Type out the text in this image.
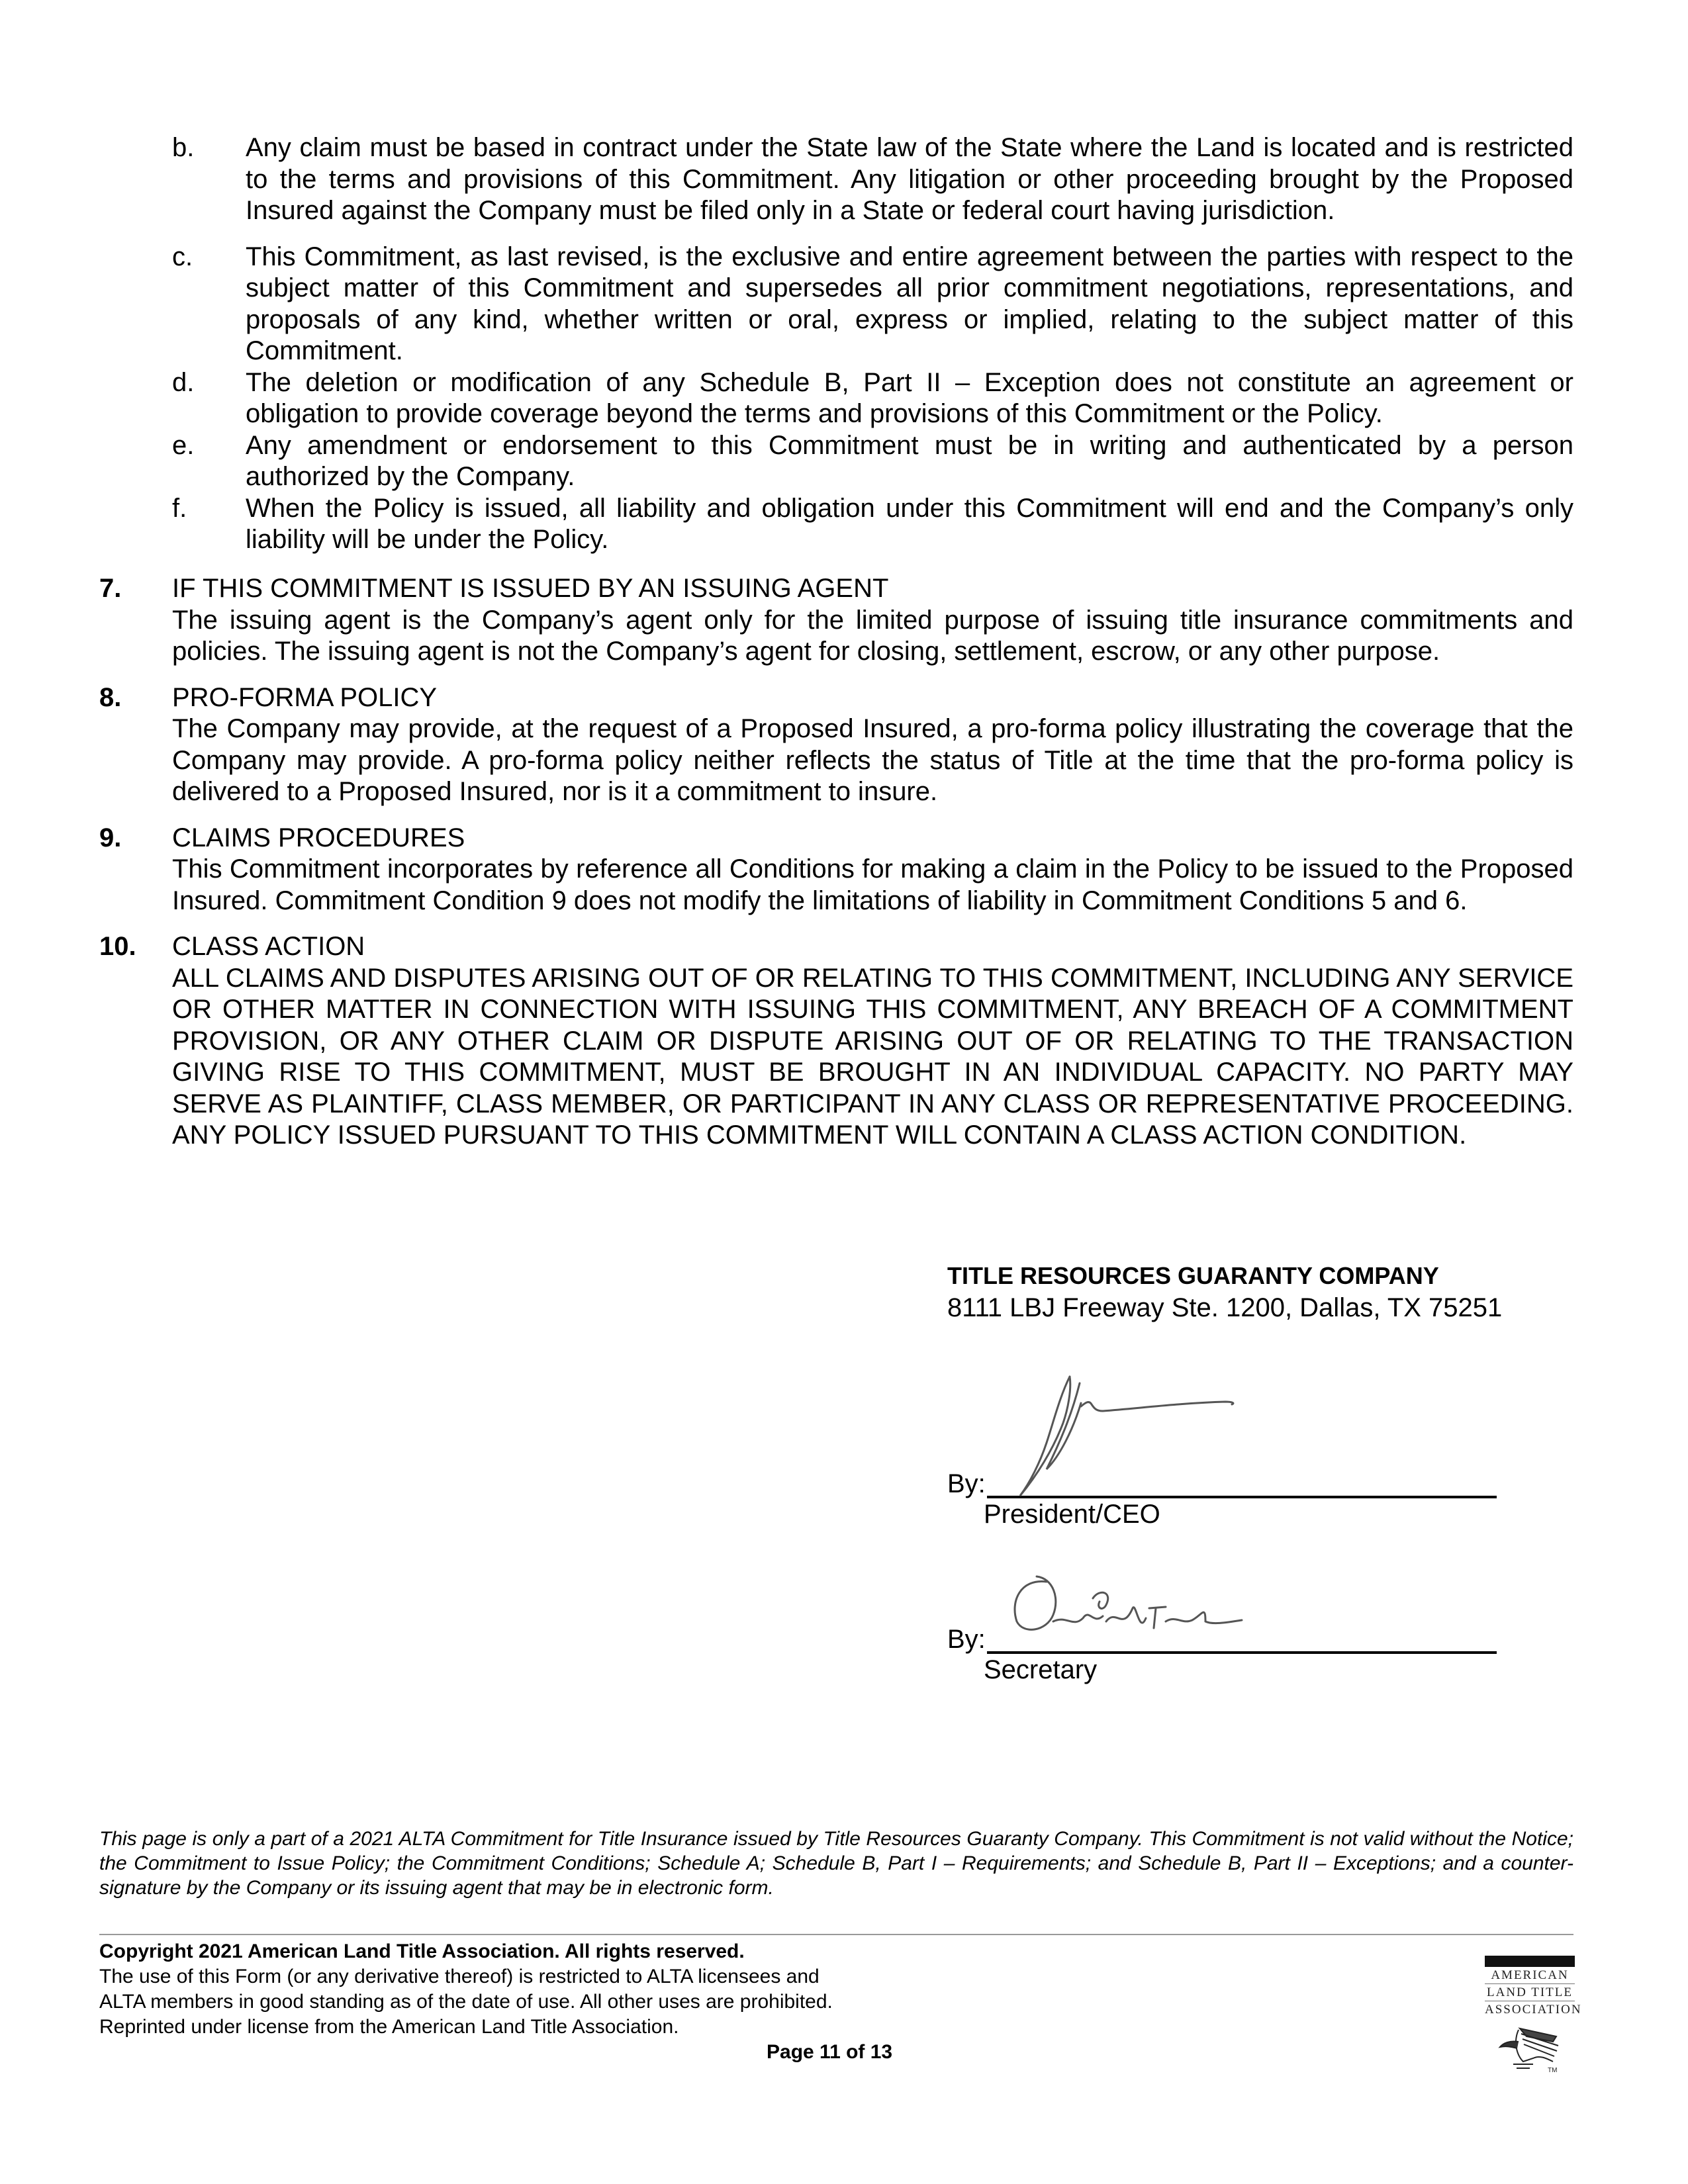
b. Any claim must be based in contract under the State law of the State where the Land is located and is restricted to the terms and provisions of this Commitment. Any litigation or other proceeding brought by the Proposed Insured against the Company must be filed only in a State or federal court having jurisdiction.
c. This Commitment, as last revised, is the exclusive and entire agreement between the parties with respect to the subject matter of this Commitment and supersedes all prior commitment negotiations, representations, and proposals of any kind, whether written or oral, express or implied, relating to the subject matter of this Commitment.
d. The deletion or modification of any Schedule B, Part II – Exception does not constitute an agreement or obligation to provide coverage beyond the terms and provisions of this Commitment or the Policy.
e. Any amendment or endorsement to this Commitment must be in writing and authenticated by a person authorized by the Company.
f. When the Policy is issued, all liability and obligation under this Commitment will end and the Company’s only liability will be under the Policy.
7. IF THIS COMMITMENT IS ISSUED BY AN ISSUING AGENT
The issuing agent is the Company’s agent only for the limited purpose of issuing title insurance commitments and policies. The issuing agent is not the Company’s agent for closing, settlement, escrow, or any other purpose.
8. PRO-FORMA POLICY
The Company may provide, at the request of a Proposed Insured, a pro-forma policy illustrating the coverage that the Company may provide. A pro-forma policy neither reflects the status of Title at the time that the pro-forma policy is delivered to a Proposed Insured, nor is it a commitment to insure.
9. CLAIMS PROCEDURES
This Commitment incorporates by reference all Conditions for making a claim in the Policy to be issued to the Proposed Insured. Commitment Condition 9 does not modify the limitations of liability in Commitment Conditions 5 and 6.
10. CLASS ACTION
ALL CLAIMS AND DISPUTES ARISING OUT OF OR RELATING TO THIS COMMITMENT, INCLUDING ANY SERVICE OR OTHER MATTER IN CONNECTION WITH ISSUING THIS COMMITMENT, ANY BREACH OF A COMMITMENT PROVISION, OR ANY OTHER CLAIM OR DISPUTE ARISING OUT OF OR RELATING TO THE TRANSACTION GIVING RISE TO THIS COMMITMENT, MUST BE BROUGHT IN AN INDIVIDUAL CAPACITY. NO PARTY MAY SERVE AS PLAINTIFF, CLASS MEMBER, OR PARTICIPANT IN ANY CLASS OR REPRESENTATIVE PROCEEDING. ANY POLICY ISSUED PURSUANT TO THIS COMMITMENT WILL CONTAIN A CLASS ACTION CONDITION.
TITLE RESOURCES GUARANTY COMPANY
8111 LBJ Freeway Ste. 1200, Dallas, TX 75251
By:
President/CEO
By:
Secretary
This page is only a part of a 2021 ALTA Commitment for Title Insurance issued by Title Resources Guaranty Company. This Commitment is not valid without the Notice; the Commitment to Issue Policy; the Commitment Conditions; Schedule A; Schedule B, Part I – Requirements; and Schedule B, Part II – Exceptions; and a counter-signature by the Company or its issuing agent that may be in electronic form.
Copyright 2021 American Land Title Association. All rights reserved.
The use of this Form (or any derivative thereof) is restricted to ALTA licensees and
ALTA members in good standing as of the date of use. All other uses are prohibited.
Reprinted under license from the American Land Title Association.
Page 11 of 13
AMERICAN
LAND TITLE
ASSOCIATION
TM
